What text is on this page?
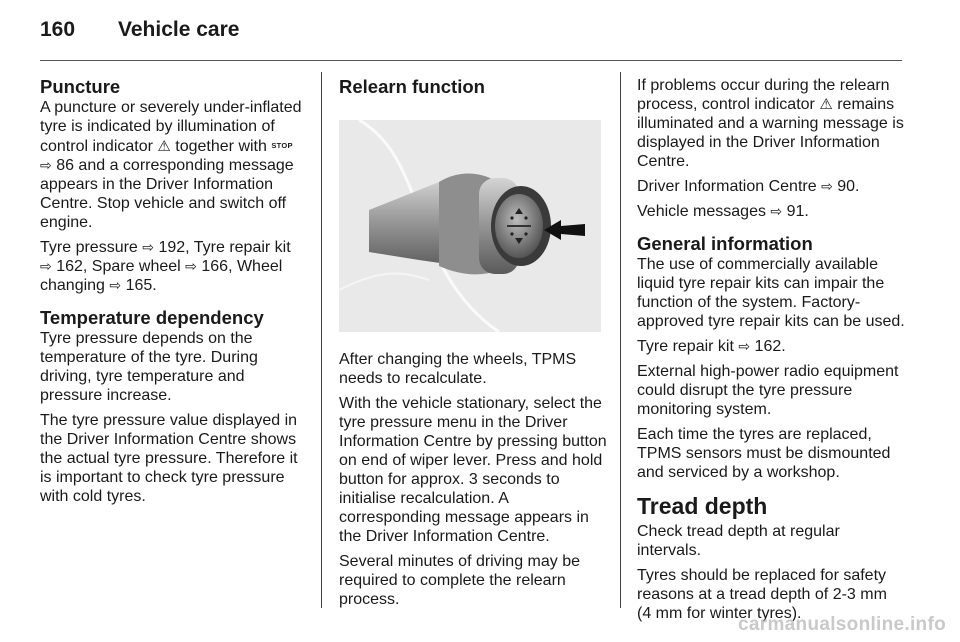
160 Vehicle care
Puncture

A puncture or severely under-inflated tyre is indicated by illumination of control indicator ⚠ together with STOP ⇨ 86 and a corresponding message appears in the Driver Information Centre. Stop vehicle and switch off engine.

Tyre pressure ⇨ 192, Tyre repair kit ⇨ 162, Spare wheel ⇨ 166, Wheel changing ⇨ 165.

Temperature dependency

Tyre pressure depends on the temperature of the tyre. During driving, tyre temperature and pressure increase.

The tyre pressure value displayed in the Driver Information Centre shows the actual tyre pressure. Therefore it is important to check tyre pressure with cold tyres.

Relearn function

After changing the wheels, TPMS needs to recalculate.

With the vehicle stationary, select the tyre pressure menu in the Driver Information Centre by pressing button on end of wiper lever. Press and hold button for approx. 3 seconds to initialise recalculation. A corresponding message appears in the Driver Information Centre.

Several minutes of driving may be required to complete the relearn process.

If problems occur during the relearn process, control indicator ⚠ remains illuminated and a warning message is displayed in the Driver Information Centre.

Driver Information Centre ⇨ 90.

Vehicle messages ⇨ 91.

General information

The use of commercially available liquid tyre repair kits can impair the function of the system. Factory-approved tyre repair kits can be used.

Tyre repair kit ⇨ 162.

External high-power radio equipment could disrupt the tyre pressure monitoring system.

Each time the tyres are replaced, TPMS sensors must be dismounted and serviced by a workshop.

Tread depth

Check tread depth at regular intervals.

Tyres should be replaced for safety reasons at a tread depth of 2-3 mm (4 mm for winter tyres).

carmanualsonline.info
